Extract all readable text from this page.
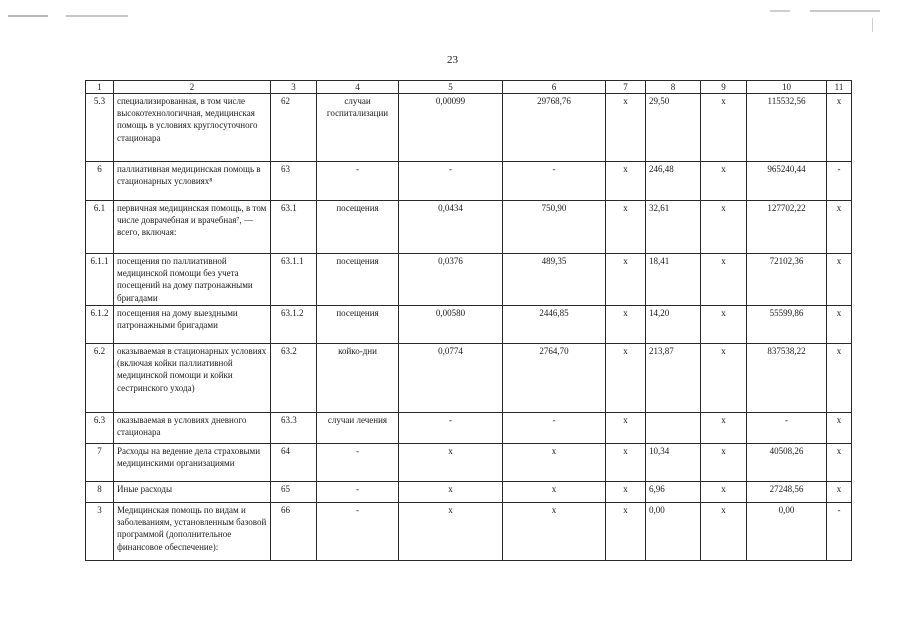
23
1	2	3	4	5	6	7	8	9	10	11
5.3	специализированная, в том числе высокотехнологичная, медицинская помощь в условиях круглосуточного стационара	62	случаи госпитализации	0,00099	29768,76	х	29,50	х	115532,56	х
6	паллиативная медицинская помощь в стационарных условиях⁸	63	-	-	-	х	246,48	х	965240,44	-
6.1	первичная медицинская помощь, в том числе доврачебная и врачебная⁷, — всего, включая:	63.1	посещения	0,0434	750,90	х	32,61	х	127702,22	х
6.1.1	посещения по паллиативной медицинской помощи без учета посещений на дому патронажными бригадами	63.1.1	посещения	0,0376	489,35	х	18,41	х	72102,36	х
6.1.2	посещения на дому выездными патронажными бригадами	63.1.2	посещения	0,00580	2446,85	х	14,20	х	55599,86	х
6.2	оказываемая в стационарных условиях (включая койки паллиативной медицинской помощи и койки сестринского ухода)	63.2	койко-дни	0,0774	2764,70	х	213,87	х	837538,22	х
6.3	оказываемая в условиях дневного стационара	63.3	случаи лечения	-	-	х		х	-	х
7	Расходы на ведение дела страховыми медицинскими организациями	64	-	х	х	х	10,34	х	40508,26	х
8	Иные расходы	65	-	х	х	х	6,96	х	27248,56	х
3	Медицинская помощь по видам и заболеваниям, установленным базовой программой (дополнительное финансовое обеспечение):	66	-	х	х	х	0,00	х	0,00	-
